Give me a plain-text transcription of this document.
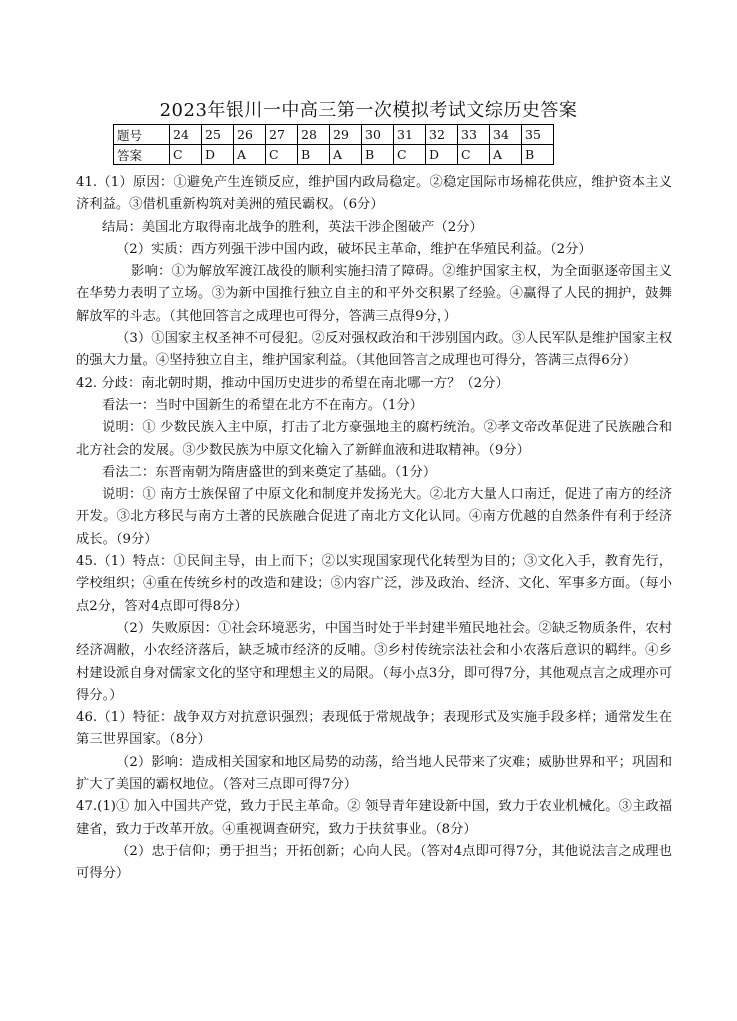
2023年银川一中高三第一次模拟考试文综历史答案
题号	24	25	26	27	28	29	30	31	32	33	34	35
答案	C	D	A	C	B	A	B	C	D	C	A	B

41.（1）原因：①避免产生连锁反应，维护国内政局稳定。②稳定国际市场棉花供应，维护资本主义济利益。③借机重新构筑对美洲的殖民霸权。（6分）

结局：美国北方取得南北战争的胜利，英法干涉企图破产（2分）

（2）实质：西方列强干涉中国内政，破坏民主革命，维护在华殖民利益。（2分）

影响：①为解放军渡江战役的顺利实施扫清了障碍。②维护国家主权，为全面驱逐帝国主义在华势力表明了立场。③为新中国推行独立自主的和平外交积累了经验。④赢得了人民的拥护，鼓舞解放军的斗志。（其他回答言之成理也可得分，答满三点得9分，）

（3）①国家主权圣神不可侵犯。②反对强权政治和干涉别国内政。③人民军队是维护国家主权的强大力量。④坚持独立自主，维护国家利益。（其他回答言之成理也可得分，答满三点得6分）

42. 分歧：南北朝时期，推动中国历史进步的希望在南北哪一方？（2分）

看法一：当时中国新生的希望在北方不在南方。（1分）

说明：① 少数民族入主中原，打击了北方豪强地主的腐朽统治。②孝文帝改革促进了民族融合和北方社会的发展。③少数民族为中原文化输入了新鲜血液和进取精神。（9分）

看法二：东晋南朝为隋唐盛世的到来奠定了基础。（1分）

说明：① 南方士族保留了中原文化和制度并发扬光大。②北方大量人口南迁，促进了南方的经济开发。③北方移民与南方土著的民族融合促进了南北方文化认同。④南方优越的自然条件有利于经济成长。（9分）

45.（1）特点：①民间主导，由上而下；②以实现国家现代化转型为目的；③文化入手，教育先行，学校组织；④重在传统乡村的改造和建设；⑤内容广泛，涉及政治、经济、文化、军事多方面。（每小点2分，答对4点即可得8分）

（2）失败原因：①社会环境恶劣，中国当时处于半封建半殖民地社会。②缺乏物质条件，农村经济凋敝，小农经济落后，缺乏城市经济的反哺。③乡村传统宗法社会和小农落后意识的羁绊。④乡村建设派自身对儒家文化的坚守和理想主义的局限。（每小点3分，即可得7分，其他观点言之成理亦可得分。）

46.（1）特征：战争双方对抗意识强烈；表现低于常规战争；表现形式及实施手段多样；通常发生在第三世界国家。（8分）

（2）影响：造成相关国家和地区局势的动荡，给当地人民带来了灾难；威胁世界和平；巩固和扩大了美国的霸权地位。（答对三点即可得7分）

47.(1)① 加入中国共产党，致力于民主革命。② 领导青年建设新中国，致力于农业机械化。③主政福建省，致力于改革开放。④重视调查研究，致力于扶贫事业。（8分）

（2）忠于信仰；勇于担当；开拓创新；心向人民。（答对4点即可得7分，其他说法言之成理也可得分）
